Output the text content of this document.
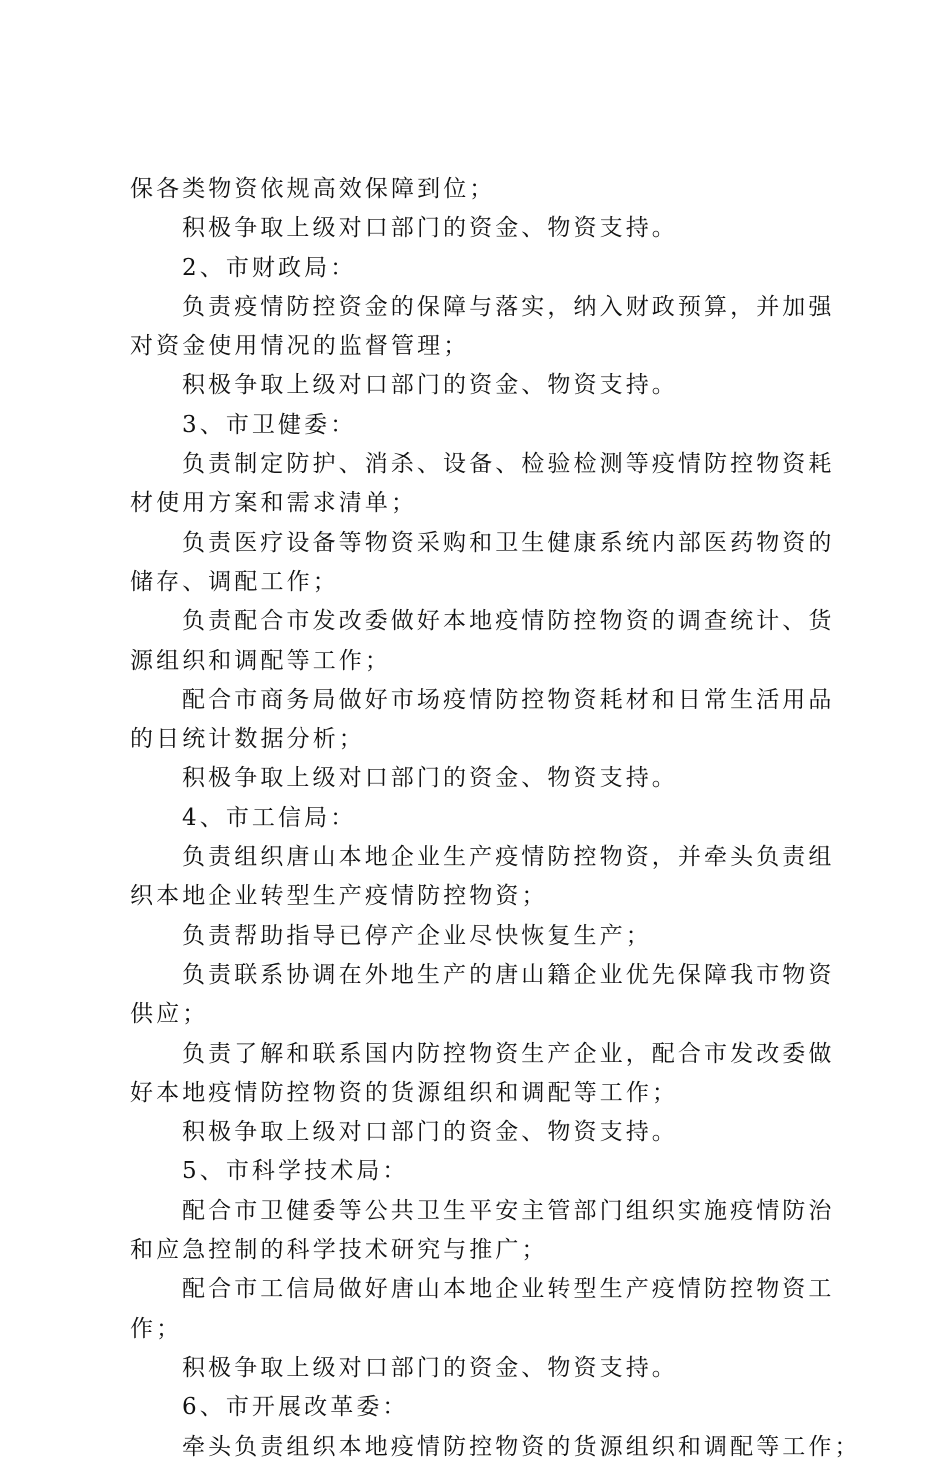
保各类物资依规高效保障到位；
积极争取上级对口部门的资金、物资支持。
2、市财政局：
负责疫情防控资金的保障与落实，纳入财政预算，并加强
对资金使用情况的监督管理；
积极争取上级对口部门的资金、物资支持。
3、市卫健委：
负责制定防护、消杀、设备、检验检测等疫情防控物资耗
材使用方案和需求清单；
负责医疗设备等物资采购和卫生健康系统内部医药物资的
储存、调配工作；
负责配合市发改委做好本地疫情防控物资的调查统计、货
源组织和调配等工作；
配合市商务局做好市场疫情防控物资耗材和日常生活用品
的日统计数据分析；
积极争取上级对口部门的资金、物资支持。
4、市工信局：
负责组织唐山本地企业生产疫情防控物资，并牵头负责组
织本地企业转型生产疫情防控物资；
负责帮助指导已停产企业尽快恢复生产；
负责联系协调在外地生产的唐山籍企业优先保障我市物资
供应；
负责了解和联系国内防控物资生产企业，配合市发改委做
好本地疫情防控物资的货源组织和调配等工作；
积极争取上级对口部门的资金、物资支持。
5、市科学技术局：
配合市卫健委等公共卫生平安主管部门组织实施疫情防治
和应急控制的科学技术研究与推广；
配合市工信局做好唐山本地企业转型生产疫情防控物资工
作；
积极争取上级对口部门的资金、物资支持。
6、市开展改革委：
牵头负责组织本地疫情防控物资的货源组织和调配等工作；
